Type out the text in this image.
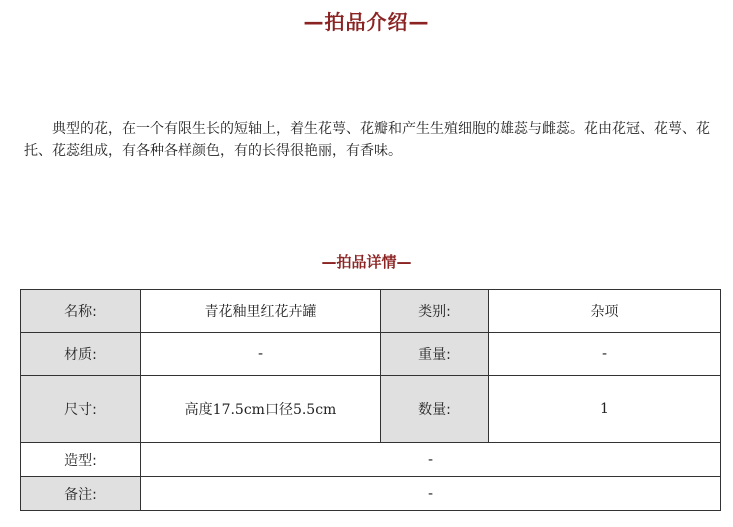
—拍品介绍—
典型的花，在一个有限生长的短轴上，着生花萼、花瓣和产生生殖细胞的雄蕊与雌蕊。花由花冠、花萼、花托、花蕊组成，有各种各样颜色，有的长得很艳丽，有香味。
—拍品详情—
名称:	青花釉里红花卉罐	类别:	杂项
材质:	-	重量:	-
尺寸:	高度17.5cm口径5.5cm	数量:	1
造型:	-		
备注:	-		
